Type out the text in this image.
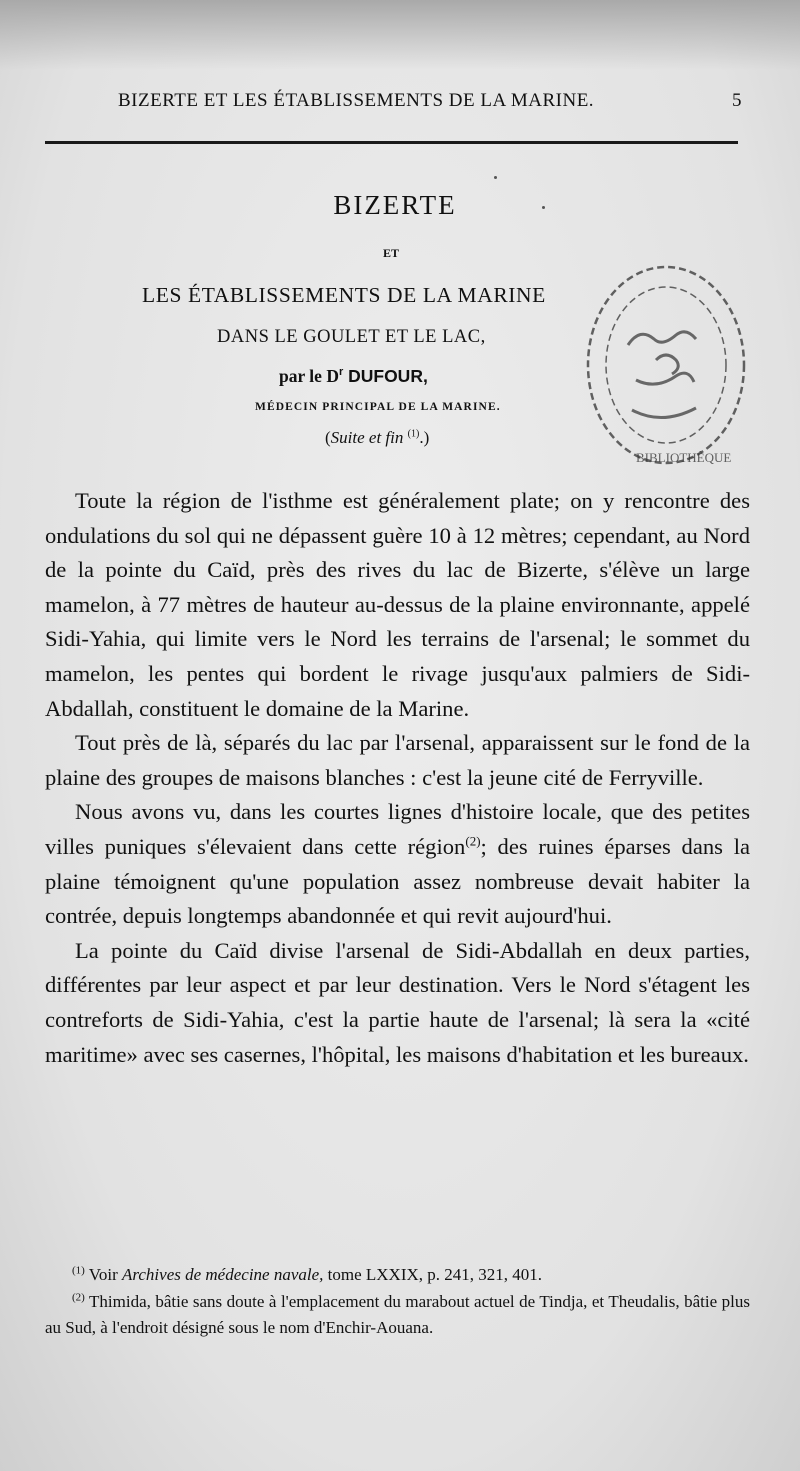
BIZERTE ET LES ÉTABLISSEMENTS DE LA MARINE.	5
BIZERTE
ET
LES ÉTABLISSEMENTS DE LA MARINE
DANS LE GOULET ET LE LAC,
par le $D^r$ DUFOUR,
MÉDECIN PRINCIPAL DE LA MARINE.
(Suite et fin $^{(1)}$.)
BIBLIOTHÈQUE

Toute la région de l'isthme est généralement plate; on y rencontre des ondulations du sol qui ne dépassent guère 10 à 12 mètres; cependant, au Nord de la pointe du Caïd, près des rives du lac de Bizerte, s'élève un large mamelon, à 77 mètres de hauteur au-dessus de la plaine environnante, appelé Sidi-Yahia, qui limite vers le Nord les terrains de l'arsenal; le sommet du mamelon, les pentes qui bordent le rivage jusqu'aux palmiers de Sidi-Abdallah, constituent le domaine de la Marine.

Tout près de là, séparés du lac par l'arsenal, apparaissent sur le fond de la plaine des groupes de maisons blanches : c'est la jeune cité de Ferryville.

Nous avons vu, dans les courtes lignes d'histoire locale, que des petites villes puniques s'élevaient dans cette région$^{(2)}$; des ruines éparses dans la plaine témoignent qu'une population assez nombreuse devait habiter la contrée, depuis longtemps abandonnée et qui revit aujourd'hui.

La pointe du Caïd divise l'arsenal de Sidi-Abdallah en deux parties, différentes par leur aspect et par leur destination. Vers le Nord s'étagent les contreforts de Sidi-Yahia, c'est la partie haute de l'arsenal; là sera la «cité maritime» avec ses casernes, l'hôpital, les maisons d'habitation et les bureaux.

$^{(1)}$ Voir Archives de médecine navale, tome LXXIX, p. 241, 321, 401.

$^{(2)}$ Thimida, bâtie sans doute à l'emplacement du marabout actuel de Tindja, et Theudalis, bâtie plus au Sud, à l'endroit désigné sous le nom d'Enchir-Aouana.
